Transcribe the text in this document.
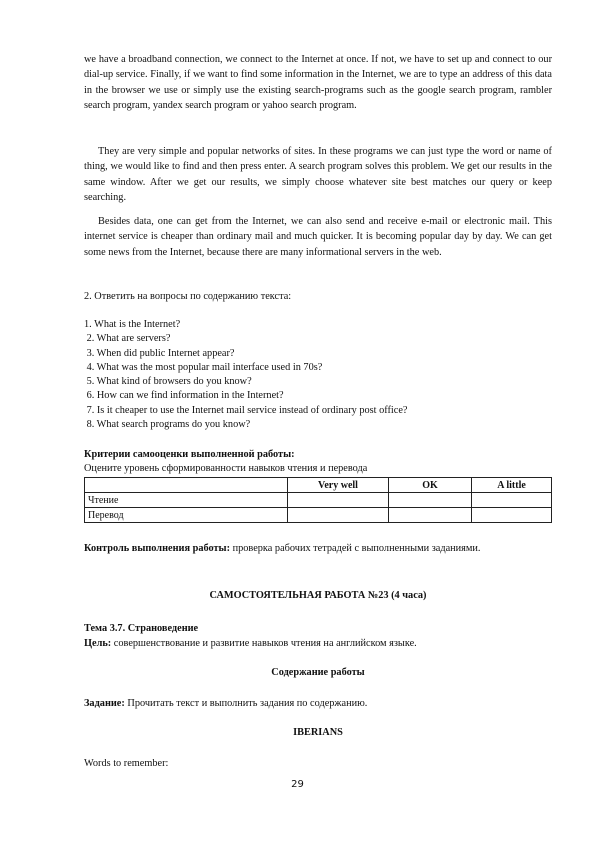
we have a broadband connection, we connect to the Internet at once. If not, we have to set up and connect to our dial-up service. Finally, if we want to find some information in the Internet, we are to type an address of this data in the browser we use or simply use the existing search-programs such as the google search program, rambler search program, yandex search program or yahoo search program.

They are very simple and popular networks of sites. In these programs we can just type the word or name of thing, we would like to find and then press enter. A search program solves this problem. We get our results in the same window. After we get our results, we simply choose whatever site best matches our query or keep searching.

Besides data, one can get from the Internet, we can also send and receive e-mail or electronic mail. This internet service is cheaper than ordinary mail and much quicker. It is becoming popular day by day. We can get some news from the Internet, because there are many informational servers in the web.

2. Ответить на вопросы по содержанию текста:

1. What is the Internet?
2. What are servers?
3. When did public Internet appear?
4. What was the most popular mail interface used in 70s?
5. What kind of browsers do you know?
6. How can we find information in the Internet?
7. Is it cheaper to use the Internet mail service instead of ordinary post office?
8. What search programs do you know?

Критерии самооценки выполненной работы:

Оцените уровень сформированности навыков чтения и перевода

	Very well	OK	A little
Чтение			
Перевод			

Контроль выполнения работы: проверка рабочих тетрадей с выполненными заданиями.

САМОСТОЯТЕЛЬНАЯ РАБОТА №23 (4 часа)

Тема 3.7. Страноведение

Цель: совершенствование и развитие навыков чтения на английском языке.

Содержание работы

Задание: Прочитать текст и выполнить задания по содержанию.

IBERIANS

Words to remember:

29
